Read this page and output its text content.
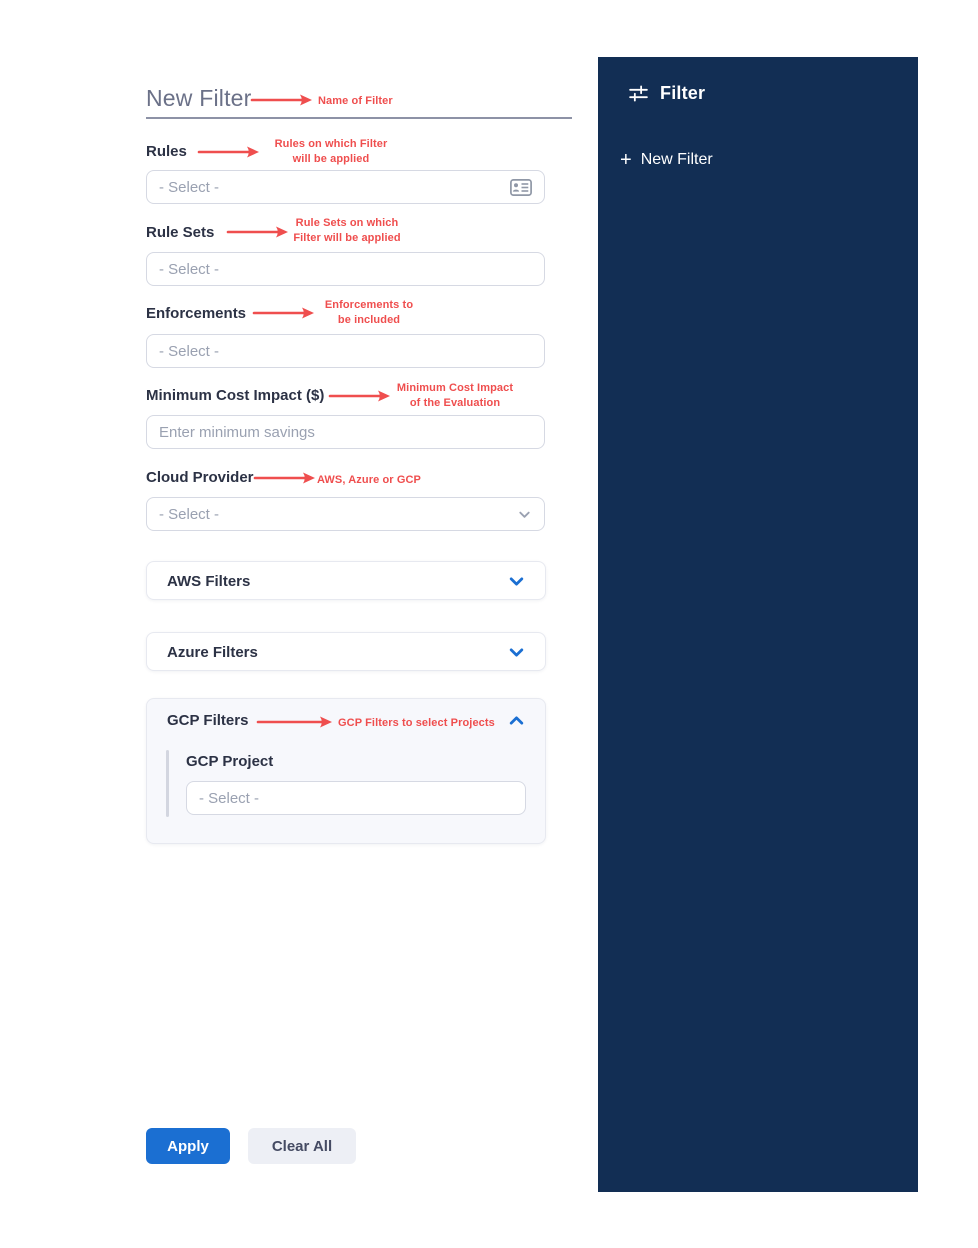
New Filter
Rules
- Select -
Rule Sets
- Select -
Enforcements
- Select -
Minimum Cost Impact ($)
Enter minimum savings
Cloud Provider
- Select -
AWS Filters
Azure Filters
GCP Filters
GCP Project
- Select -
Apply	Clear All
Name of Filter
Rules on which Filter
will be applied
Rule Sets on which
Filter will be applied
Enforcements to
be included
Minimum Cost Impact
of the Evaluation
AWS, Azure or GCP
GCP Filters to select Projects
Filter
+ New Filter
